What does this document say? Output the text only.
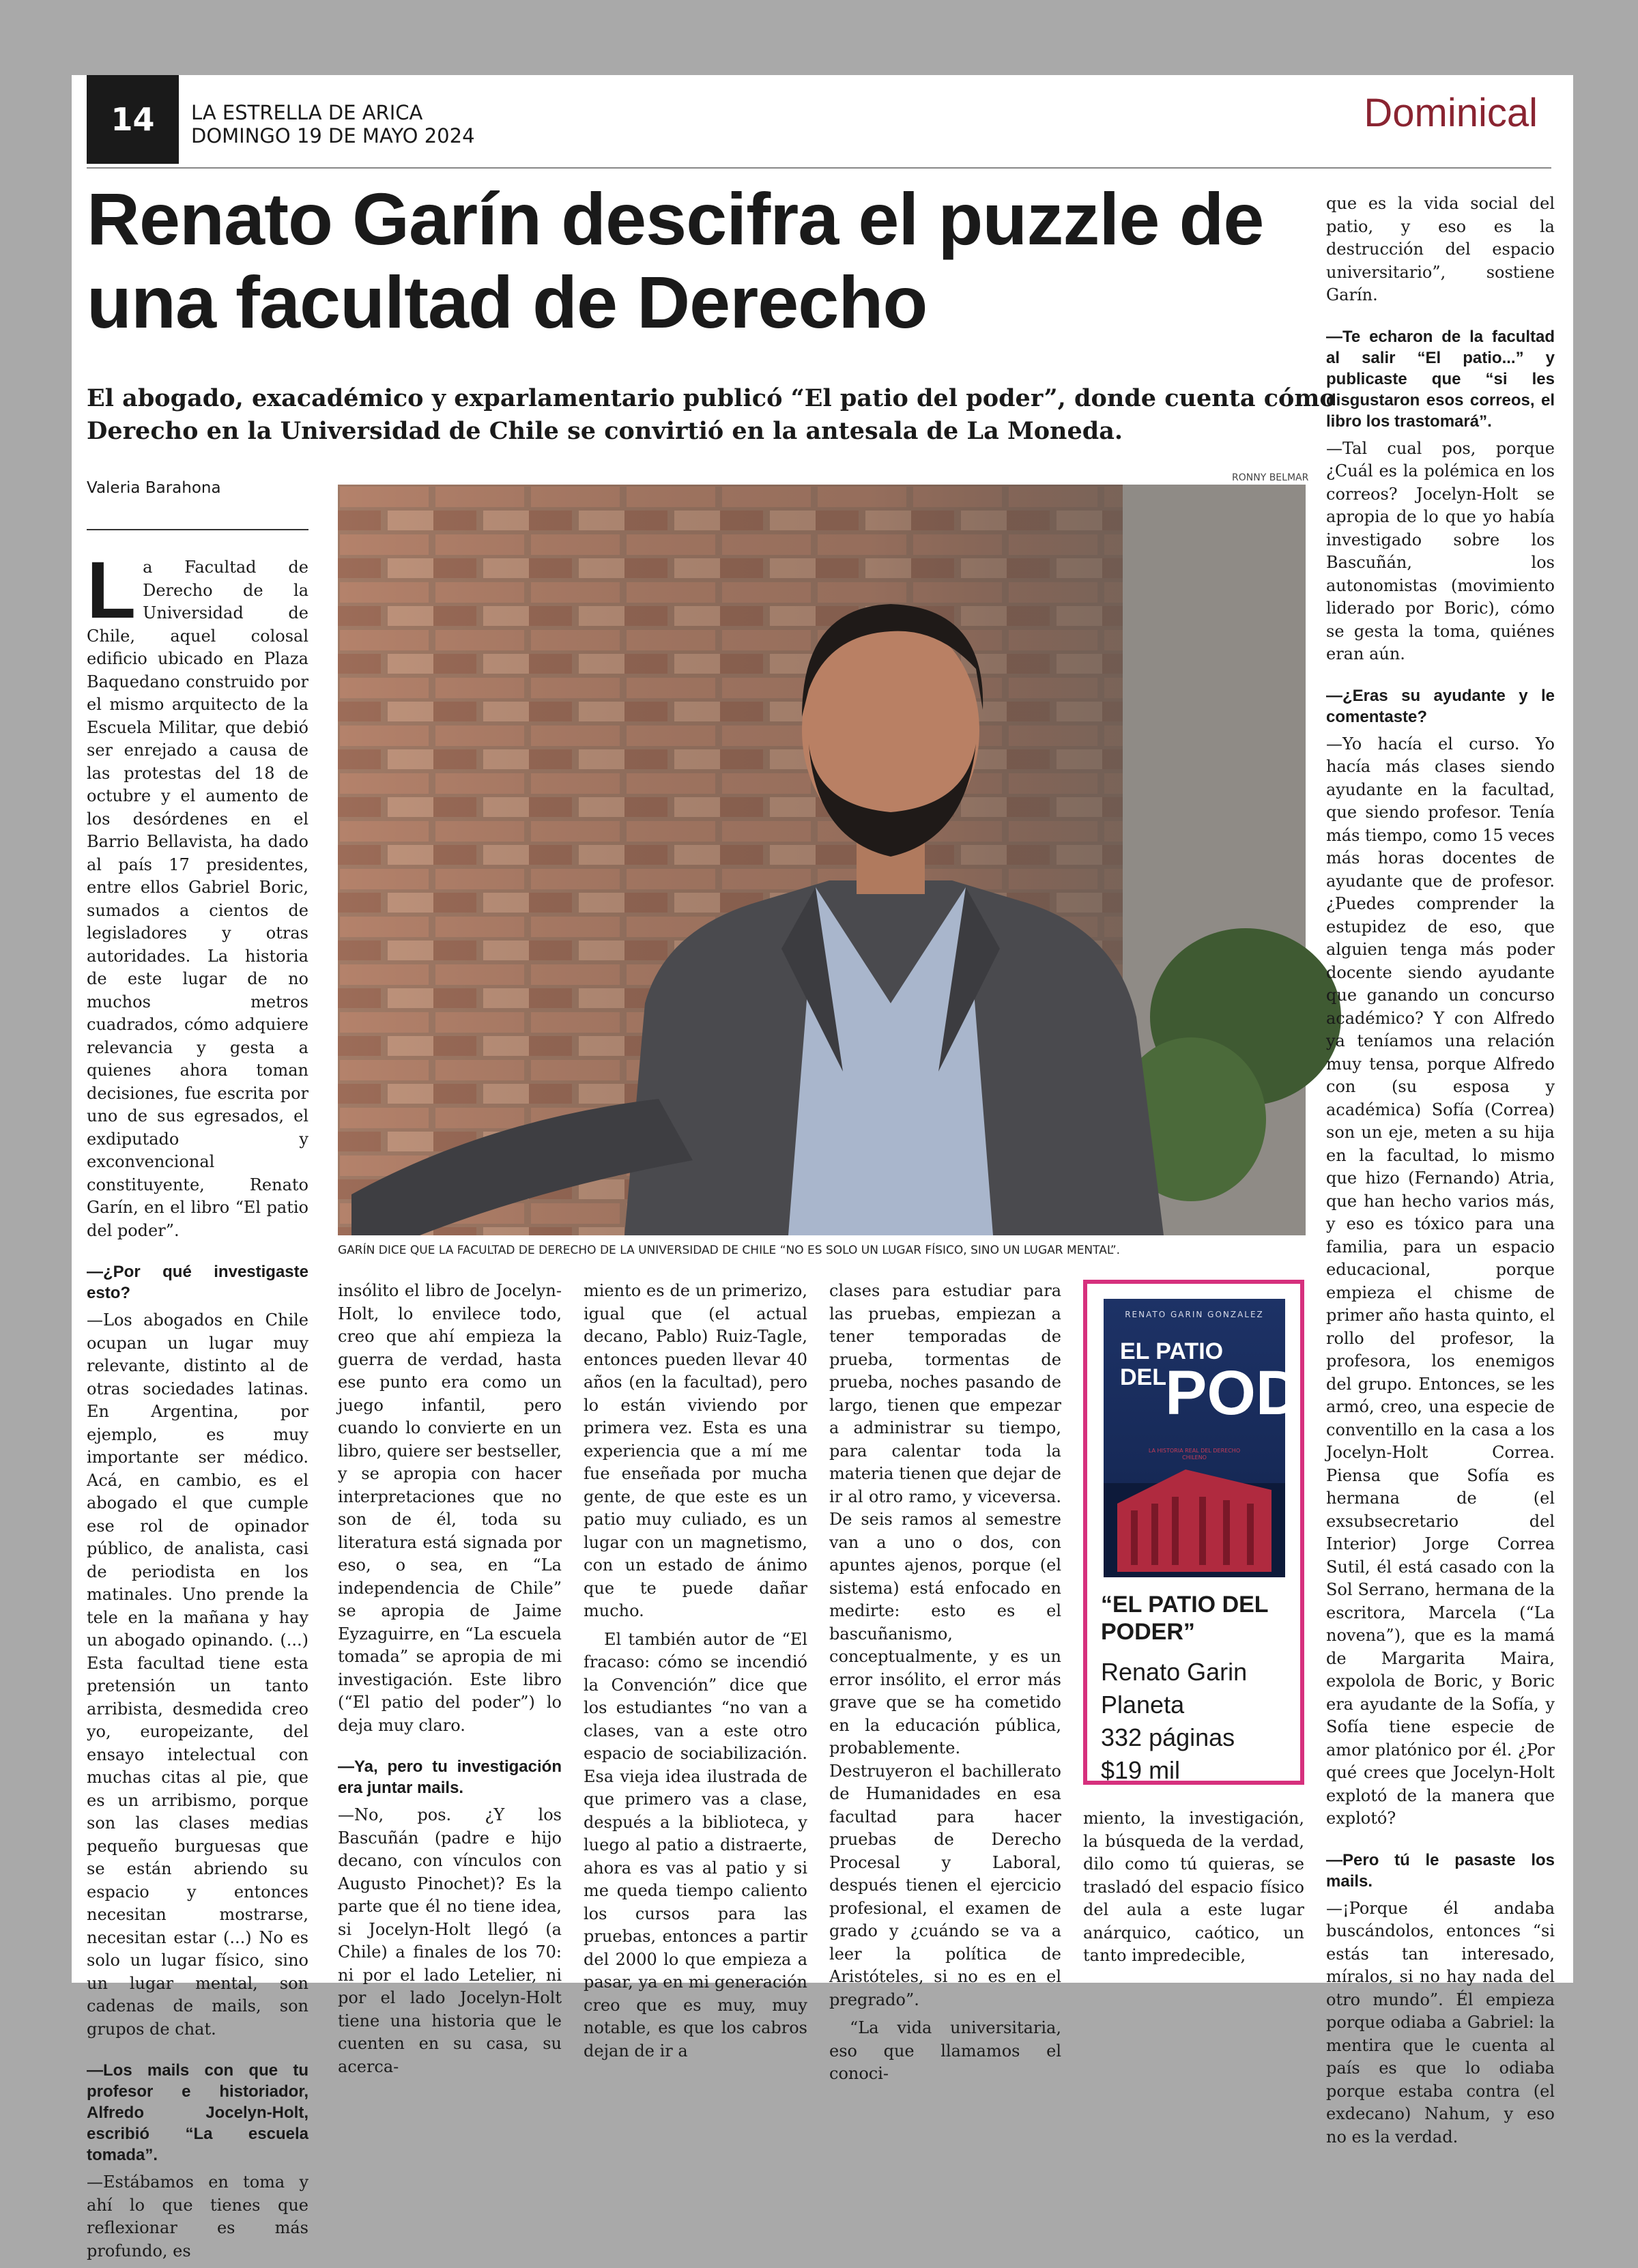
14	LA ESTRELLA DE ARICA
DOMINGO 19 DE MAYO 2024
Dominical
Renato Garín descifra el puzzle de una facultad de Derecho

El abogado, exacadémico y exparlamentario publicó “El patio del poder”, donde cuenta cómo Derecho en la Universidad de Chile se convirtió en la antesala de La Moneda.

Valeria Barahona
RONNY BELMAR
GARÍN DICE QUE LA FACULTAD DE DERECHO DE LA UNIVERSIDAD DE CHILE “NO ES SOLO UN LUGAR FÍSICO, SINO UN LUGAR MENTAL”.

La Facultad de Derecho de la Universidad de Chile, aquel colosal edificio ubicado en Plaza Baquedano construido por el mismo arquitecto de la Escuela Militar, que debió ser enrejado a causa de las protestas del 18 de octubre y el aumento de los desórdenes en el Barrio Bellavista, ha dado al país 17 presidentes, entre ellos Gabriel Boric, sumados a cientos de legisladores y otras autoridades. La historia de este lugar de no muchos metros cuadrados, cómo adquiere relevancia y gesta a quienes ahora toman decisiones, fue escrita por uno de sus egresados, el exdiputado y exconvencional constituyente, Renato Garín, en el libro “El patio del poder”.

—¿Por qué investigaste esto?

—Los abogados en Chile ocupan un lugar muy relevante, distinto al de otras sociedades latinas. En Argentina, por ejemplo, es muy importante ser médico. Acá, en cambio, es el abogado el que cumple ese rol de opinador público, de analista, casi de periodista en los matinales. Uno prende la tele en la mañana y hay un abogado opinando. (...) Esta facultad tiene esta pretensión un tanto arribista, desmedida creo yo, europeizante, del ensayo intelectual con muchas citas al pie, que es un arribismo, porque son las clases medias pequeño burguesas que se están abriendo su espacio y entonces necesitan mostrarse, necesitan estar (...) No es solo un lugar físico, sino un lugar mental, son cadenas de mails, son grupos de chat.

—Los mails con que tu profesor e historiador, Alfredo Jocelyn-Holt, escribió “La escuela tomada”.

—Estábamos en toma y ahí lo que tienes que reflexionar es más profundo, es

insólito el libro de Jocelyn-Holt, lo envilece todo, creo que ahí empieza la guerra de verdad, hasta ese punto era como un juego infantil, pero cuando lo convierte en un libro, quiere ser bestseller, y se apropia con hacer interpretaciones que no son de él, toda su literatura está signada por eso, o sea, en “La independencia de Chile” se apropia de Jaime Eyzaguirre, en “La escuela tomada” se apropia de mi investigación. Este libro (“El patio del poder”) lo deja muy claro.

—Ya, pero tu investigación era juntar mails.

—No, pos. ¿Y los Bascuñán (padre e hijo decano, con vínculos con Augusto Pinochet)? Es la parte que él no tiene idea, si Jocelyn-Holt llegó (a Chile) a finales de los 70: ni por el lado Letelier, ni por el lado Jocelyn-Holt tiene una historia que le cuenten en su casa, su acerca-

miento es de un primerizo, igual que (el actual decano, Pablo) Ruiz-Tagle, entonces pueden llevar 40 años (en la facultad), pero lo están viviendo por primera vez. Esta es una experiencia que a mí me fue enseñada por mucha gente, de que este es un patio muy culiado, es un lugar con un magnetismo, con un estado de ánimo que te puede dañar mucho.

El también autor de “El fracaso: cómo se incendió la Convención” dice que los estudiantes “no van a clases, van a este otro espacio de sociabilización. Esa vieja idea ilustrada de que primero vas a clase, después a la biblioteca, y luego al patio a distraerte, ahora es vas al patio y si me queda tiempo caliento los cursos para las pruebas, entonces a partir del 2000 lo que empieza a pasar, ya en mi generación creo que es muy, muy notable, es que los cabros dejan de ir a

clases para estudiar para las pruebas, empiezan a tener temporadas de prueba, tormentas de prueba, noches pasando de largo, tienen que empezar a administrar su tiempo, para calentar toda la materia tienen que dejar de ir al otro ramo, y viceversa. De seis ramos al semestre van a uno o dos, con apuntes ajenos, porque (el sistema) está enfocado en medirte: esto es el bascuñanismo, conceptualmente, y es un error insólito, el error más grave que se ha cometido en la educación pública, probablemente. Destruyeron el bachillerato de Humanidades en esa facultad para hacer pruebas de Derecho Procesal y Laboral, después tienen el ejercicio profesional, el examen de grado y ¿cuándo se va a leer la política de Aristóteles, si no es en el pregrado”.

“La vida universitaria, eso que llamamos el conoci-

RENATO GARIN GONZALEZ
EL PATIO
DEL
PODER
LA HISTORIA REAL DEL DERECHO CHILENO

“EL PATIO DEL PODER”

Renato Garin
Planeta
332 páginas
$19 mil

miento, la investigación, la búsqueda de la verdad, dilo como tú quieras, se trasladó del espacio físico del aula a este lugar anárquico, caótico, un tanto impredecible,

que es la vida social del patio, y eso es la destrucción del espacio universitario”, sostiene Garín.

—Te echaron de la facultad al salir “El patio...” y publicaste que “si les disgustaron esos correos, el libro los trastomará”.

—Tal cual pos, porque ¿Cuál es la polémica en los correos? Jocelyn-Holt se apropia de lo que yo había investigado sobre los Bascuñán, los autonomistas (movimiento liderado por Boric), cómo se gesta la toma, quiénes eran aún.

—¿Eras su ayudante y le comentaste?

—Yo hacía el curso. Yo hacía más clases siendo ayudante en la facultad, que siendo profesor. Tenía más tiempo, como 15 veces más horas docentes de ayudante que de profesor. ¿Puedes comprender la estupidez de eso, que alguien tenga más poder docente siendo ayudante que ganando un concurso académico? Y con Alfredo ya teníamos una relación muy tensa, porque Alfredo con (su esposa y académica) Sofía (Correa) son un eje, meten a su hija en la facultad, lo mismo que hizo (Fernando) Atria, que han hecho varios más, y eso es tóxico para una familia, para un espacio educacional, porque empieza el chisme de primer año hasta quinto, el rollo del profesor, la profesora, los enemigos del grupo. Entonces, se les armó, creo, una especie de conventillo en la casa a los Jocelyn-Holt Correa. Piensa que Sofía es hermana de (el exsubsecretario del Interior) Jorge Correa Sutil, él está casado con la Sol Serrano, hermana de la escritora, Marcela (“La novena”), que es la mamá de Margarita Maira, expolola de Boric, y Boric era ayudante de la Sofía, y Sofía tiene especie de amor platónico por él. ¿Por qué crees que Jocelyn-Holt explotó de la manera que explotó?

—Pero tú le pasaste los mails.

—¡Porque él andaba buscándolos, entonces “si estás tan interesado, míralos, si no hay nada del otro mundo”. Él empieza porque odiaba a Gabriel: la mentira que le cuenta al país es que lo odiaba porque estaba contra (el exdecano) Nahum, y eso no es la verdad.
